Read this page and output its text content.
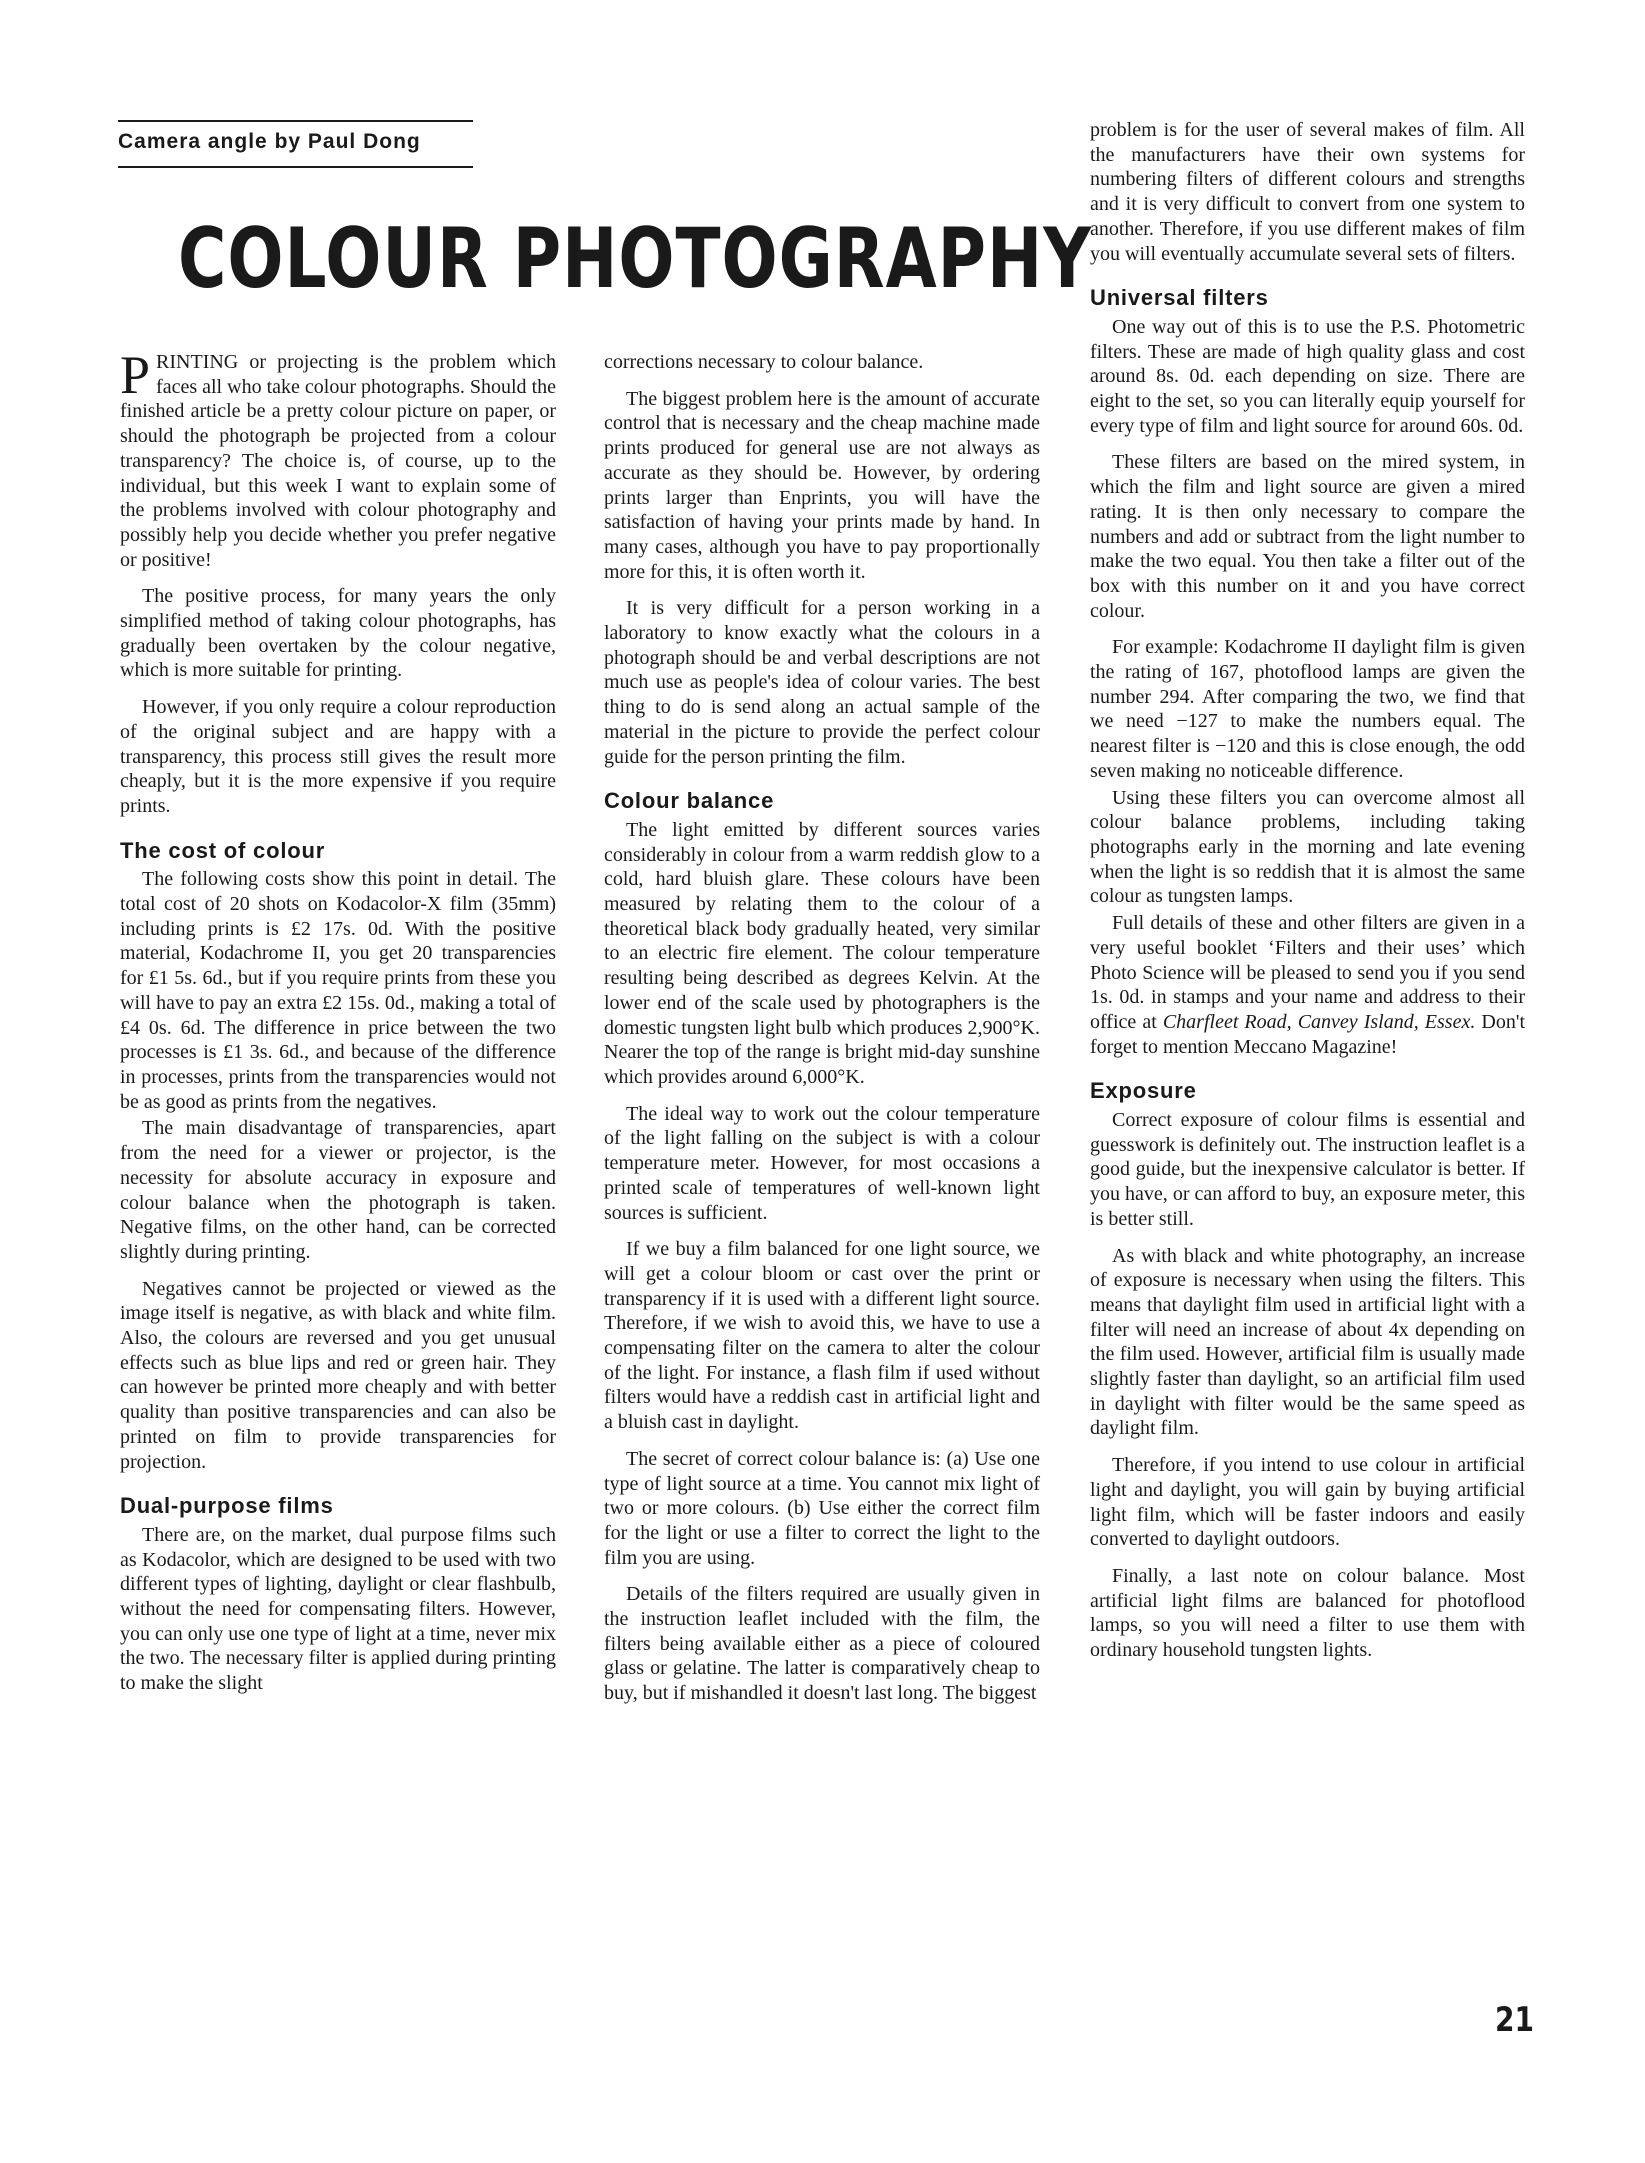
Camera angle by Paul Dong
COLOUR PHOTOGRAPHY

PRINTING or projecting is the problem which faces all who take colour photographs. Should the finished article be a pretty colour picture on paper, or should the photograph be projected from a colour transparency? The choice is, of course, up to the individual, but this week I want to explain some of the problems involved with colour photography and possibly help you decide whether you prefer negative or positive!

The positive process, for many years the only simplified method of taking colour photographs, has gradually been overtaken by the colour negative, which is more suitable for printing.

However, if you only require a colour reproduction of the original subject and are happy with a transparency, this process still gives the result more cheaply, but it is the more expensive if you require prints.

The cost of colour

The following costs show this point in detail. The total cost of 20 shots on Kodacolor-X film (35mm) including prints is £2 17s. 0d. With the positive material, Kodachrome II, you get 20 transparencies for £1 5s. 6d., but if you require prints from these you will have to pay an extra £2 15s. 0d., making a total of £4 0s. 6d. The difference in price between the two processes is £1 3s. 6d., and because of the difference in processes, prints from the transparencies would not be as good as prints from the negatives.

The main disadvantage of transparencies, apart from the need for a viewer or projector, is the necessity for absolute accuracy in exposure and colour balance when the photograph is taken. Negative films, on the other hand, can be corrected slightly during printing.

Negatives cannot be projected or viewed as the image itself is negative, as with black and white film. Also, the colours are reversed and you get unusual effects such as blue lips and red or green hair. They can however be printed more cheaply and with better quality than positive transparencies and can also be printed on film to provide transparencies for projection.

Dual-purpose films

There are, on the market, dual purpose films such as Kodacolor, which are designed to be used with two different types of lighting, daylight or clear flashbulb, without the need for compensating filters. However, you can only use one type of light at a time, never mix the two. The necessary filter is applied during printing to make the slight

corrections necessary to colour balance.

The biggest problem here is the amount of accurate control that is necessary and the cheap machine made prints produced for general use are not always as accurate as they should be. However, by ordering prints larger than Enprints, you will have the satisfaction of having your prints made by hand. In many cases, although you have to pay proportionally more for this, it is often worth it.

It is very difficult for a person working in a laboratory to know exactly what the colours in a photograph should be and verbal descriptions are not much use as people's idea of colour varies. The best thing to do is send along an actual sample of the material in the picture to provide the perfect colour guide for the person printing the film.

Colour balance

The light emitted by different sources varies considerably in colour from a warm reddish glow to a cold, hard bluish glare. These colours have been measured by relating them to the colour of a theoretical black body gradually heated, very similar to an electric fire element. The colour temperature resulting being described as degrees Kelvin. At the lower end of the scale used by photographers is the domestic tungsten light bulb which produces 2,900°K. Nearer the top of the range is bright mid-day sunshine which provides around 6,000°K.

The ideal way to work out the colour temperature of the light falling on the subject is with a colour temperature meter. However, for most occasions a printed scale of temperatures of well-known light sources is sufficient.

If we buy a film balanced for one light source, we will get a colour bloom or cast over the print or transparency if it is used with a different light source. Therefore, if we wish to avoid this, we have to use a compensating filter on the camera to alter the colour of the light. For instance, a flash film if used without filters would have a reddish cast in artificial light and a bluish cast in daylight.

The secret of correct colour balance is: (a) Use one type of light source at a time. You cannot mix light of two or more colours. (b) Use either the correct film for the light or use a filter to correct the light to the film you are using.

Details of the filters required are usually given in the instruction leaflet included with the film, the filters being available either as a piece of coloured glass or gelatine. The latter is comparatively cheap to buy, but if mishandled it doesn't last long. The biggest

problem is for the user of several makes of film. All the manufacturers have their own systems for numbering filters of different colours and strengths and it is very difficult to convert from one system to another. Therefore, if you use different makes of film you will eventually accumulate several sets of filters.

Universal filters

One way out of this is to use the P.S. Photometric filters. These are made of high quality glass and cost around 8s. 0d. each depending on size. There are eight to the set, so you can literally equip yourself for every type of film and light source for around 60s. 0d.

These filters are based on the mired system, in which the film and light source are given a mired rating. It is then only necessary to compare the numbers and add or subtract from the light number to make the two equal. You then take a filter out of the box with this number on it and you have correct colour.

For example: Kodachrome II daylight film is given the rating of 167, photoflood lamps are given the number 294. After comparing the two, we find that we need −127 to make the numbers equal. The nearest filter is −120 and this is close enough, the odd seven making no noticeable difference.

Using these filters you can overcome almost all colour balance problems, including taking photographs early in the morning and late evening when the light is so reddish that it is almost the same colour as tungsten lamps.

Full details of these and other filters are given in a very useful booklet ‘Filters and their uses’ which Photo Science will be pleased to send you if you send 1s. 0d. in stamps and your name and address to their office at Charfleet Road, Canvey Island, Essex. Don't forget to mention Meccano Magazine!

Exposure

Correct exposure of colour films is essential and guesswork is definitely out. The instruction leaflet is a good guide, but the inexpensive calculator is better. If you have, or can afford to buy, an exposure meter, this is better still.

As with black and white photography, an increase of exposure is necessary when using the filters. This means that daylight film used in artificial light with a filter will need an increase of about 4x depending on the film used. However, artificial film is usually made slightly faster than daylight, so an artificial film used in daylight with filter would be the same speed as daylight film.

Therefore, if you intend to use colour in artificial light and daylight, you will gain by buying artificial light film, which will be faster indoors and easily converted to daylight outdoors.

Finally, a last note on colour balance. Most artificial light films are balanced for photoflood lamps, so you will need a filter to use them with ordinary household tungsten lights.

21
